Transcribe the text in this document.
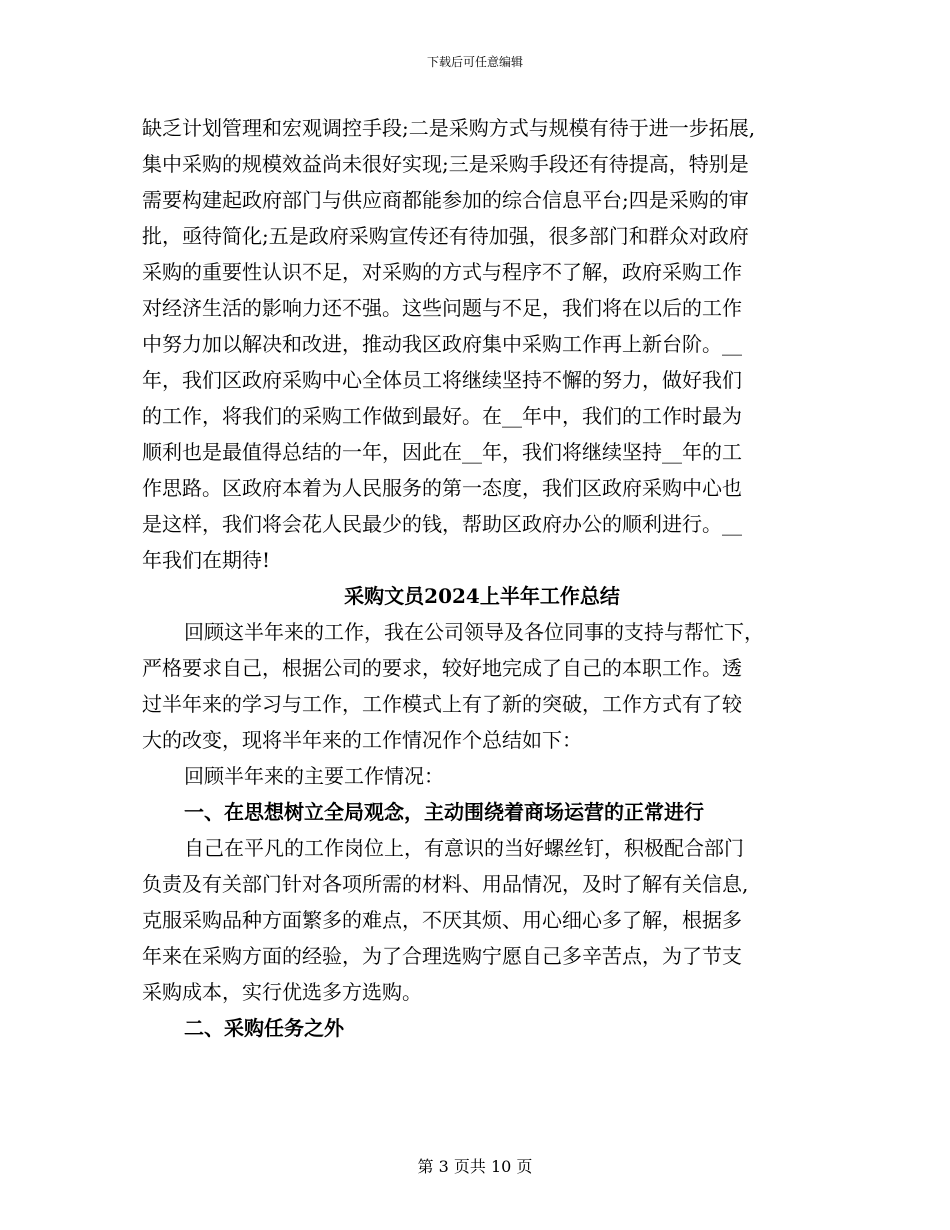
下载后可任意编辑
缺乏计划管理和宏观调控手段;二是采购方式与规模有待于进一步拓展,
集中采购的规模效益尚未很好实现;三是采购手段还有待提高，特别是
需要构建起政府部门与供应商都能参加的综合信息平台;四是采购的审
批，亟待简化;五是政府采购宣传还有待加强，很多部门和群众对政府
采购的重要性认识不足，对采购的方式与程序不了解，政府采购工作
对经济生活的影响力还不强。这些问题与不足，我们将在以后的工作
中努力加以解决和改进，推动我区政府集中采购工作再上新台阶。__
年，我们区政府采购中心全体员工将继续坚持不懈的努力，做好我们
的工作，将我们的采购工作做到最好。在__年中，我们的工作时最为
顺利也是最值得总结的一年，因此在__年，我们将继续坚持__年的工
作思路。区政府本着为人民服务的第一态度，我们区政府采购中心也
是这样，我们将会花人民最少的钱，帮助区政府办公的顺利进行。__
年我们在期待!
采购文员2024上半年工作总结
回顾这半年来的工作，我在公司领导及各位同事的支持与帮忙下，
严格要求自己，根据公司的要求，较好地完成了自己的本职工作。透
过半年来的学习与工作，工作模式上有了新的突破，工作方式有了较
大的改变，现将半年来的工作情况作个总结如下：
回顾半年来的主要工作情况：
一、在思想树立全局观念，主动围绕着商场运营的正常进行
自己在平凡的工作岗位上，有意识的当好螺丝钉，积极配合部门
负责及有关部门针对各项所需的材料、用品情况，及时了解有关信息,
克服采购品种方面繁多的难点，不厌其烦、用心细心多了解，根据多
年来在采购方面的经验，为了合理选购宁愿自己多辛苦点，为了节支
采购成本，实行优选多方选购。
二、采购任务之外
第 3 页共 10 页
